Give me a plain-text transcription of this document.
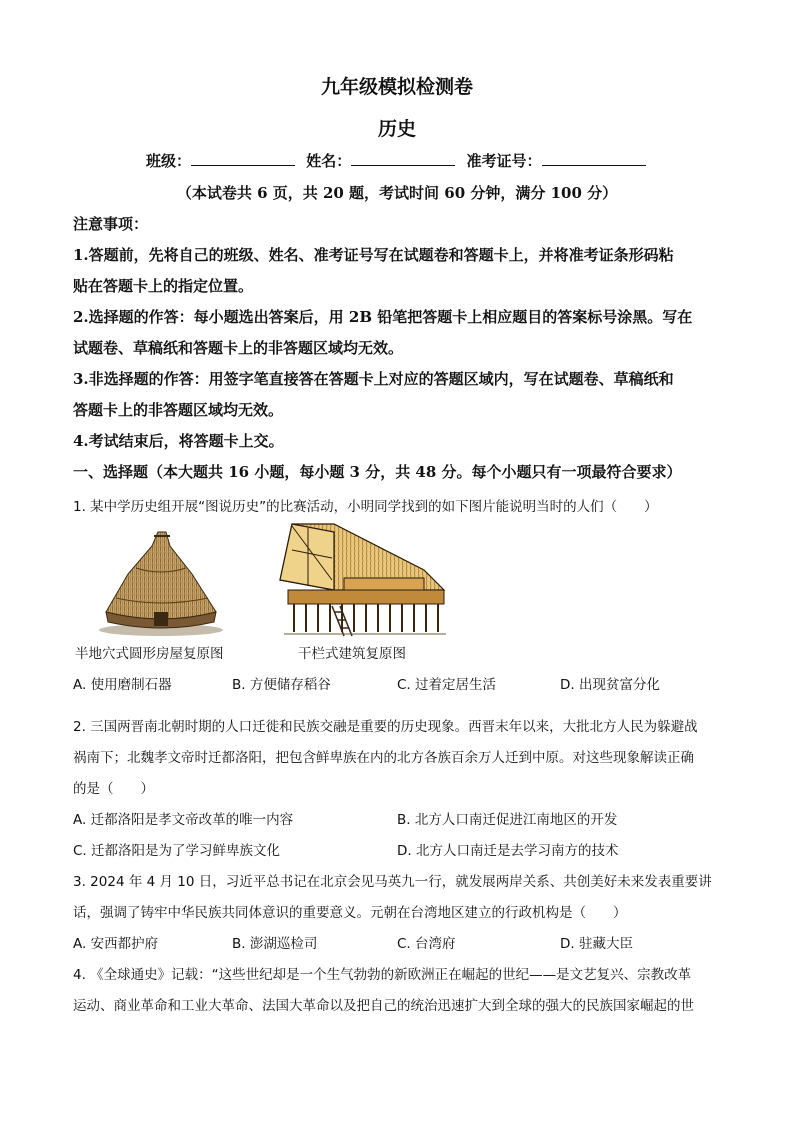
九年级模拟检测卷
历史
班级：	姓名：	准考证号：
（本试卷共 6 页，共 20 题，考试时间 60 分钟，满分 100 分）
注意事项：
1.答题前，先将自己的班级、姓名、准考证号写在试题卷和答题卡上，并将准考证条形码粘
贴在答题卡上的指定位置。
2.选择题的作答：每小题选出答案后，用 2B 铅笔把答题卡上相应题目的答案标号涂黑。写在
试题卷、草稿纸和答题卡上的非答题区域均无效。
3.非选择题的作答：用签字笔直接答在答题卡上对应的答题区域内，写在试题卷、草稿纸和
答题卡上的非答题区域均无效。
4.考试结束后，将答题卡上交。
一、选择题（本大题共 16 小题，每小题 3 分，共 48 分。每个小题只有一项最符合要求）
1. 某中学历史组开展“图说历史”的比赛活动，小明同学找到的如下图片能说明当时的人们（　　）
半地穴式圆形房屋复原图	干栏式建筑复原图
A. 使用磨制石器	B. 方便储存稻谷	C. 过着定居生活	D. 出现贫富分化
2. 三国两晋南北朝时期的人口迁徙和民族交融是重要的历史现象。西晋末年以来，大批北方人民为躲避战
祸南下；北魏孝文帝时迁都洛阳，把包含鲜卑族在内的北方各族百余万人迁到中原。对这些现象解读正确
的是（　　）
A. 迁都洛阳是孝文帝改革的唯一内容	B. 北方人口南迁促进江南地区的开发
C. 迁都洛阳是为了学习鲜卑族文化	D. 北方人口南迁是去学习南方的技术
3. 2024 年 4 月 10 日，习近平总书记在北京会见马英九一行，就发展两岸关系、共创美好未来发表重要讲
话，强调了铸牢中华民族共同体意识的重要意义。元朝在台湾地区建立的行政机构是（　　）
A. 安西都护府	B. 澎湖巡检司	C. 台湾府	D. 驻藏大臣
4. 《全球通史》记载：“这些世纪却是一个生气勃勃的新欧洲正在崛起的世纪——是文艺复兴、宗教改革
运动、商业革命和工业大革命、法国大革命以及把自己的统治迅速扩大到全球的强大的民族国家崛起的世
